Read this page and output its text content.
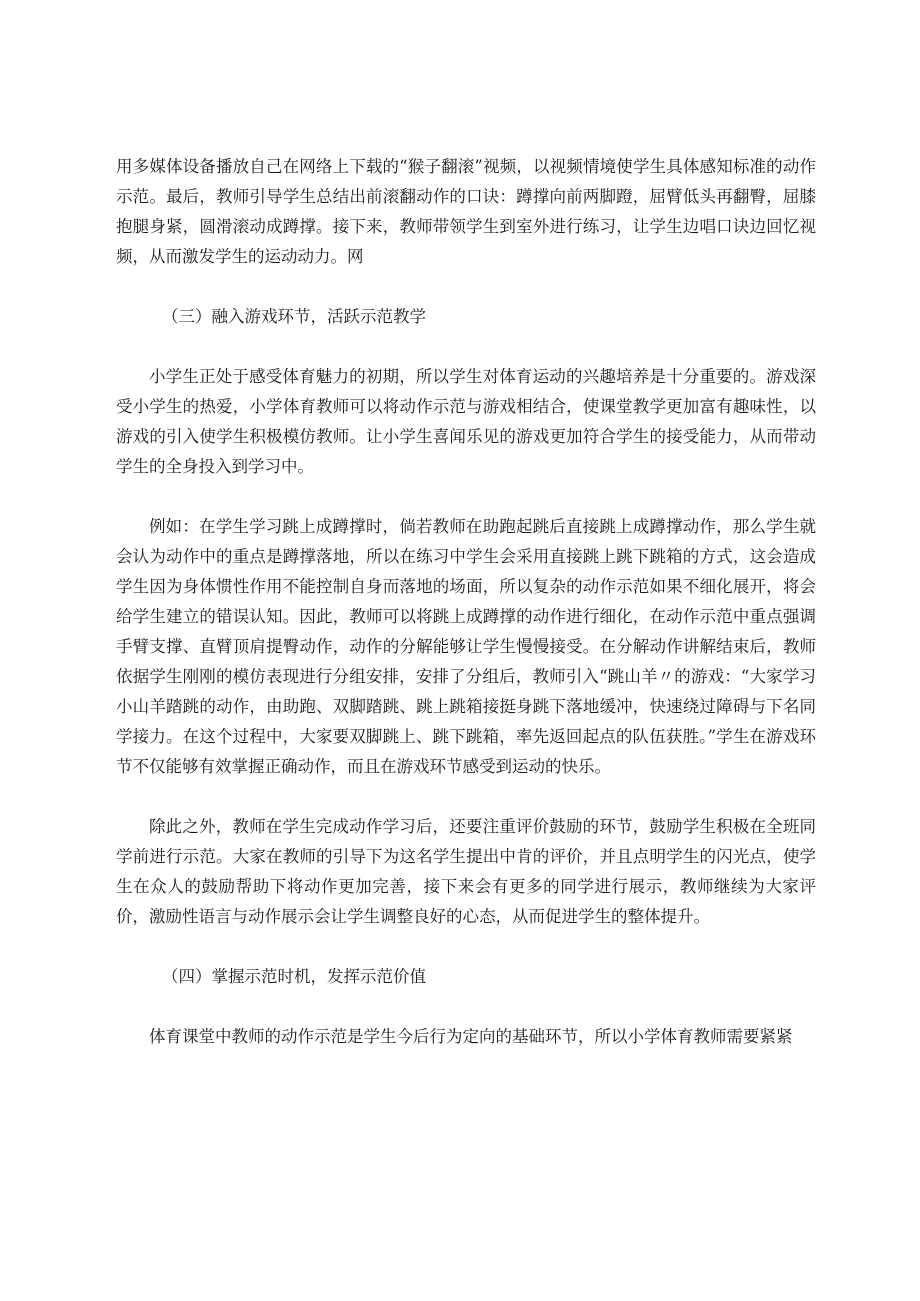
用多媒体设备播放自己在网络上下载的“猴子翻滚”视频，以视频情境使学生具体感知标准的动作示范。最后，教师引导学生总结出前滚翻动作的口诀：蹲撑向前两脚蹬，屈臂低头再翻臀，屈膝抱腿身紧，圆滑滚动成蹲撑。接下来，教师带领学生到室外进行练习，让学生边唱口诀边回忆视频，从而激发学生的运动动力。网

（三）融入游戏环节，活跃示范教学

小学生正处于感受体育魅力的初期，所以学生对体育运动的兴趣培养是十分重要的。游戏深受小学生的热爱，小学体育教师可以将动作示范与游戏相结合，使课堂教学更加富有趣味性，以游戏的引入使学生积极模仿教师。让小学生喜闻乐见的游戏更加符合学生的接受能力，从而带动学生的全身投入到学习中。

例如：在学生学习跳上成蹲撑时，倘若教师在助跑起跳后直接跳上成蹲撑动作，那么学生就会认为动作中的重点是蹲撑落地，所以在练习中学生会采用直接跳上跳下跳箱的方式，这会造成学生因为身体惯性作用不能控制自身而落地的场面，所以复杂的动作示范如果不细化展开，将会给学生建立的错误认知。因此，教师可以将跳上成蹲撑的动作进行细化，在动作示范中重点强调手臂支撑、直臂顶肩提臀动作，动作的分解能够让学生慢慢接受。在分解动作讲解结束后，教师依据学生刚刚的模仿表现进行分组安排，安排了分组后，教师引入“跳山羊〃的游戏：“大家学习小山羊踏跳的动作，由助跑、双脚踏跳、跳上跳箱接挺身跳下落地缓冲，快速绕过障碍与下名同学接力。在这个过程中，大家要双脚跳上、跳下跳箱，率先返回起点的队伍获胜。”学生在游戏环节不仅能够有效掌握正确动作，而且在游戏环节感受到运动的快乐。

除此之外，教师在学生完成动作学习后，还要注重评价鼓励的环节，鼓励学生积极在全班同学前进行示范。大家在教师的引导下为这名学生提出中肯的评价，并且点明学生的闪光点，使学生在众人的鼓励帮助下将动作更加完善，接下来会有更多的同学进行展示，教师继续为大家评价，激励性语言与动作展示会让学生调整良好的心态，从而促进学生的整体提升。

（四）掌握示范时机，发挥示范价值

体育课堂中教师的动作示范是学生今后行为定向的基础环节，所以小学体育教师需要紧紧
